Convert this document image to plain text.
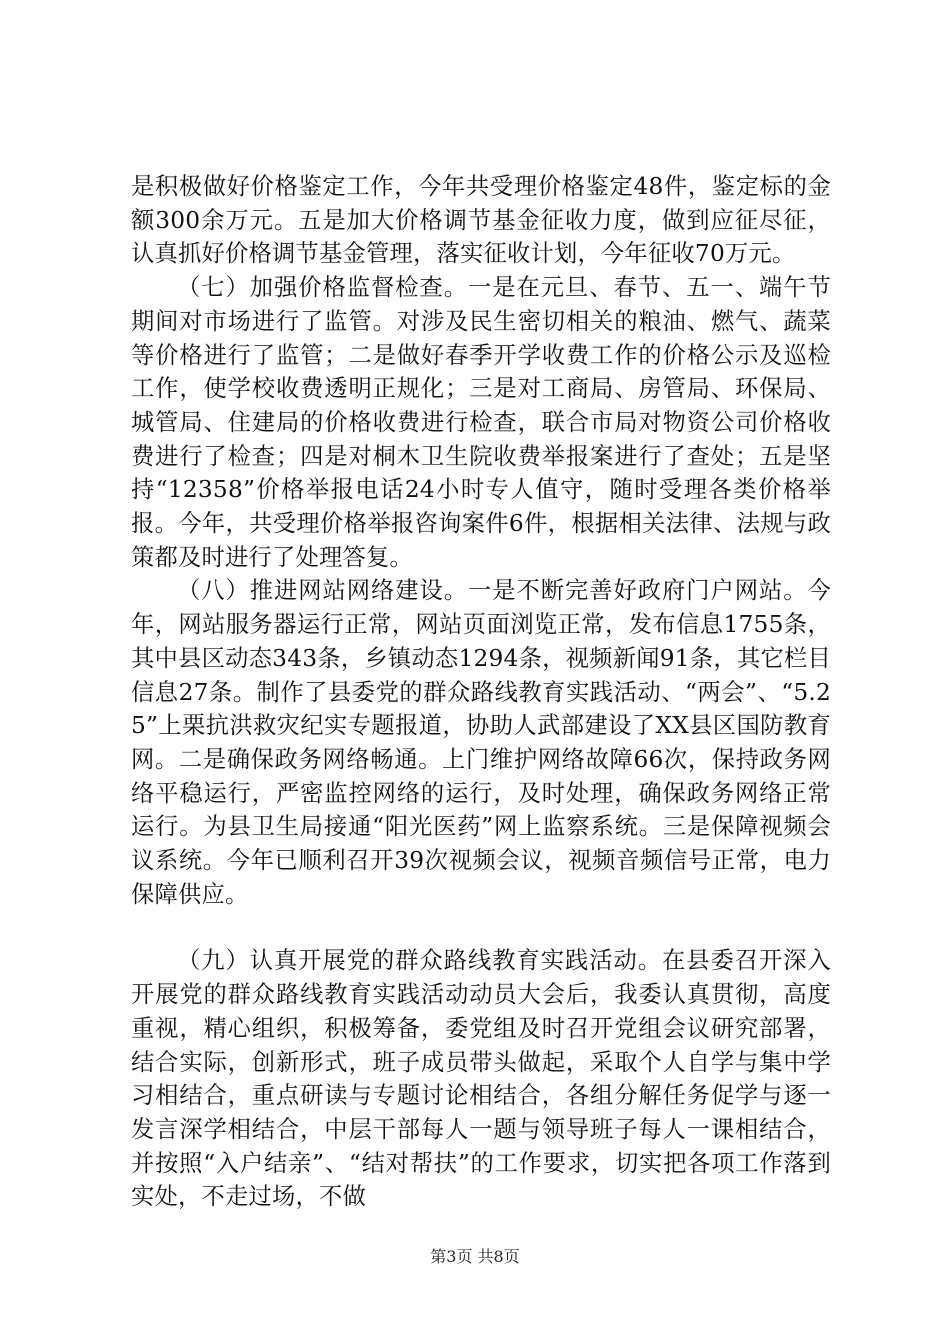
是积极做好价格鉴定工作，今年共受理价格鉴定48件，鉴定标的金额300余万元。五是加大价格调节基金征收力度，做到应征尽征，认真抓好价格调节基金管理，落实征收计划，今年征收70万元。

（七）加强价格监督检查。一是在元旦、春节、五一、端午节期间对市场进行了监管。对涉及民生密切相关的粮油、燃气、蔬菜等价格进行了监管；二是做好春季开学收费工作的价格公示及巡检工作，使学校收费透明正规化；三是对工商局、房管局、环保局、城管局、住建局的价格收费进行检查，联合市局对物资公司价格收费进行了检查；四是对桐木卫生院收费举报案进行了查处；五是坚持“12358”价格举报电话24小时专人值守，随时受理各类价格举报。今年，共受理价格举报咨询案件6件，根据相关法律、法规与政策都及时进行了处理答复。

（八）推进网站网络建设。一是不断完善好政府门户网站。今年，网站服务器运行正常，网站页面浏览正常，发布信息1755条，其中县区动态343条，乡镇动态1294条，视频新闻91条，其它栏目信息27条。制作了县委党的群众路线教育实践活动、“两会”、“5.25”上栗抗洪救灾纪实专题报道，协助人武部建设了XX县区国防教育网。二是确保政务网络畅通。上门维护网络故障66次，保持政务网络平稳运行，严密监控网络的运行，及时处理，确保政务网络正常运行。为县卫生局接通“阳光医药”网上监察系统。三是保障视频会议系统。今年已顺利召开39次视频会议，视频音频信号正常，电力保障供应。

（九）认真开展党的群众路线教育实践活动。在县委召开深入开展党的群众路线教育实践活动动员大会后，我委认真贯彻，高度重视，精心组织，积极筹备，委党组及时召开党组会议研究部署，结合实际，创新形式，班子成员带头做起，采取个人自学与集中学习相结合，重点研读与专题讨论相结合，各组分解任务促学与逐一发言深学相结合，中层干部每人一题与领导班子每人一课相结合，并按照“入户结亲”、“结对帮扶”的工作要求，切实把各项工作落到实处，不走过场，不做

第3页 共8页
